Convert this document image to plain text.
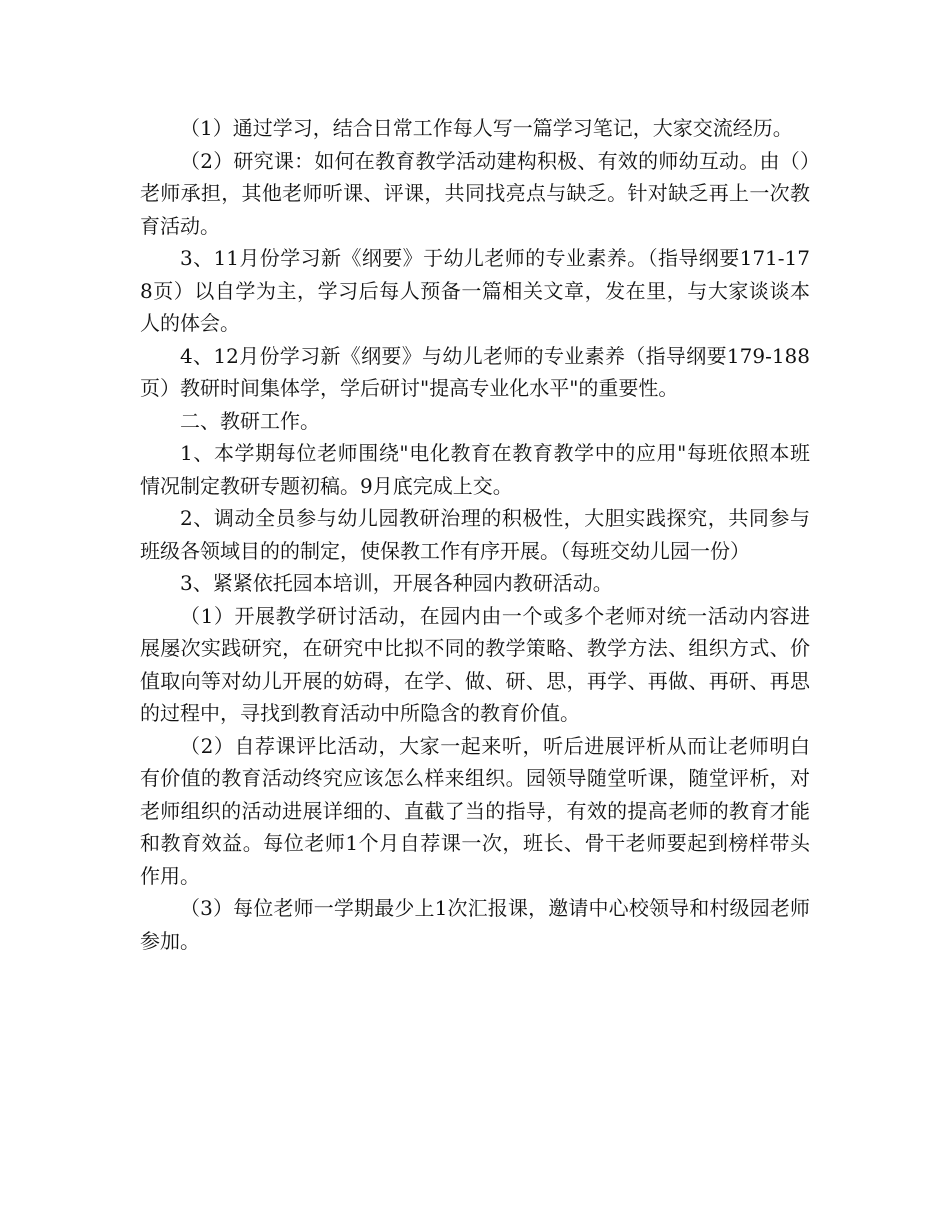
（1）通过学习，结合日常工作每人写一篇学习笔记，大家交流经历。

（2）研究课：如何在教育教学活动建构积极、有效的师幼互动。由（）老师承担，其他老师听课、评课，共同找亮点与缺乏。针对缺乏再上一次教育活动。

3、11月份学习新《纲要》于幼儿老师的专业素养。（指导纲要171-178页）以自学为主，学习后每人预备一篇相关文章，发在里，与大家谈谈本人的体会。

4、12月份学习新《纲要》与幼儿老师的专业素养（指导纲要179-188页）教研时间集体学，学后研讨"提高专业化水平"的重要性。

二、教研工作。

1、本学期每位老师围绕"电化教育在教育教学中的应用"每班依照本班情况制定教研专题初稿。9月底完成上交。

2、调动全员参与幼儿园教研治理的积极性，大胆实践探究，共同参与班级各领域目的的制定，使保教工作有序开展。（每班交幼儿园一份）

3、紧紧依托园本培训，开展各种园内教研活动。

（1）开展教学研讨活动，在园内由一个或多个老师对统一活动内容进展屡次实践研究，在研究中比拟不同的教学策略、教学方法、组织方式、价值取向等对幼儿开展的妨碍，在学、做、研、思，再学、再做、再研、再思的过程中，寻找到教育活动中所隐含的教育价值。

（2）自荐课评比活动，大家一起来听，听后进展评析从而让老师明白有价值的教育活动终究应该怎么样来组织。园领导随堂听课，随堂评析，对老师组织的活动进展详细的、直截了当的指导，有效的提高老师的教育才能和教育效益。每位老师1个月自荐课一次，班长、骨干老师要起到榜样带头作用。

（3）每位老师一学期最少上1次汇报课，邀请中心校领导和村级园老师参加。
